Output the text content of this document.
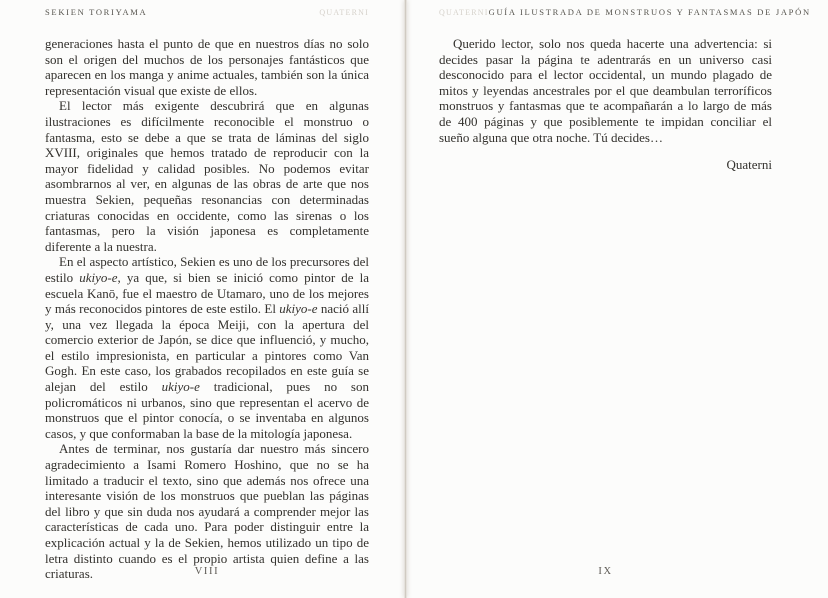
SEKIEN TORIYAMA	QUATERNI	QUATERNI GUÍA ILUSTRADA DE MONSTRUOS Y FANTASMAS DE JAPÓN

generaciones hasta el punto de que en nuestros días no solo son el origen del muchos de los personajes fantásticos que aparecen en los manga y anime actuales, también son la única representación visual que existe de ellos.

El lector más exigente descubrirá que en algunas ilustraciones es difícilmente reconocible el monstruo o fantasma, esto se debe a que se trata de láminas del siglo XVIII, originales que hemos tratado de reproducir con la mayor fidelidad y calidad posibles. No podemos evitar asombrarnos al ver, en algunas de las obras de arte que nos muestra Sekien, pequeñas resonancias con determinadas criaturas conocidas en occidente, como las sirenas o los fantasmas, pero la visión japonesa es completamente diferente a la nuestra.

En el aspecto artístico, Sekien es uno de los precursores del estilo ukiyo-e, ya que, si bien se inició como pintor de la escuela Kanō, fue el maestro de Utamaro, uno de los mejores y más reconocidos pintores de este estilo. El ukiyo-e nació allí y, una vez llegada la época Meiji, con la apertura del comercio exterior de Japón, se dice que influenció, y mucho, el estilo impresionista, en particular a pintores como Van Gogh. En este caso, los grabados recopilados en este guía se alejan del estilo ukiyo-e tradicional, pues no son policromáticos ni urbanos, sino que representan el acervo de monstruos que el pintor conocía, o se inventaba en algunos casos, y que conformaban la base de la mitología japonesa.

Antes de terminar, nos gustaría dar nuestro más sincero agradecimiento a Isami Romero Hoshino, que no se ha limitado a traducir el texto, sino que además nos ofrece una interesante visión de los monstruos que pueblan las páginas del libro y que sin duda nos ayudará a comprender mejor las características de cada uno. Para poder distinguir entre la explicación actual y la de Sekien, hemos utilizado un tipo de letra distinto cuando es el propio artista quien define a las criaturas.

Querido lector, solo nos queda hacerte una advertencia: si decides pasar la página te adentrarás en un universo casi desconocido para el lector occidental, un mundo plagado de mitos y leyendas ancestrales por el que deambulan terroríficos monstruos y fantasmas que te acompañarán a lo largo de más de 400 páginas y que posiblemente te impidan conciliar el sueño alguna que otra noche. Tú decides…

Quaterni
VIII	IX
